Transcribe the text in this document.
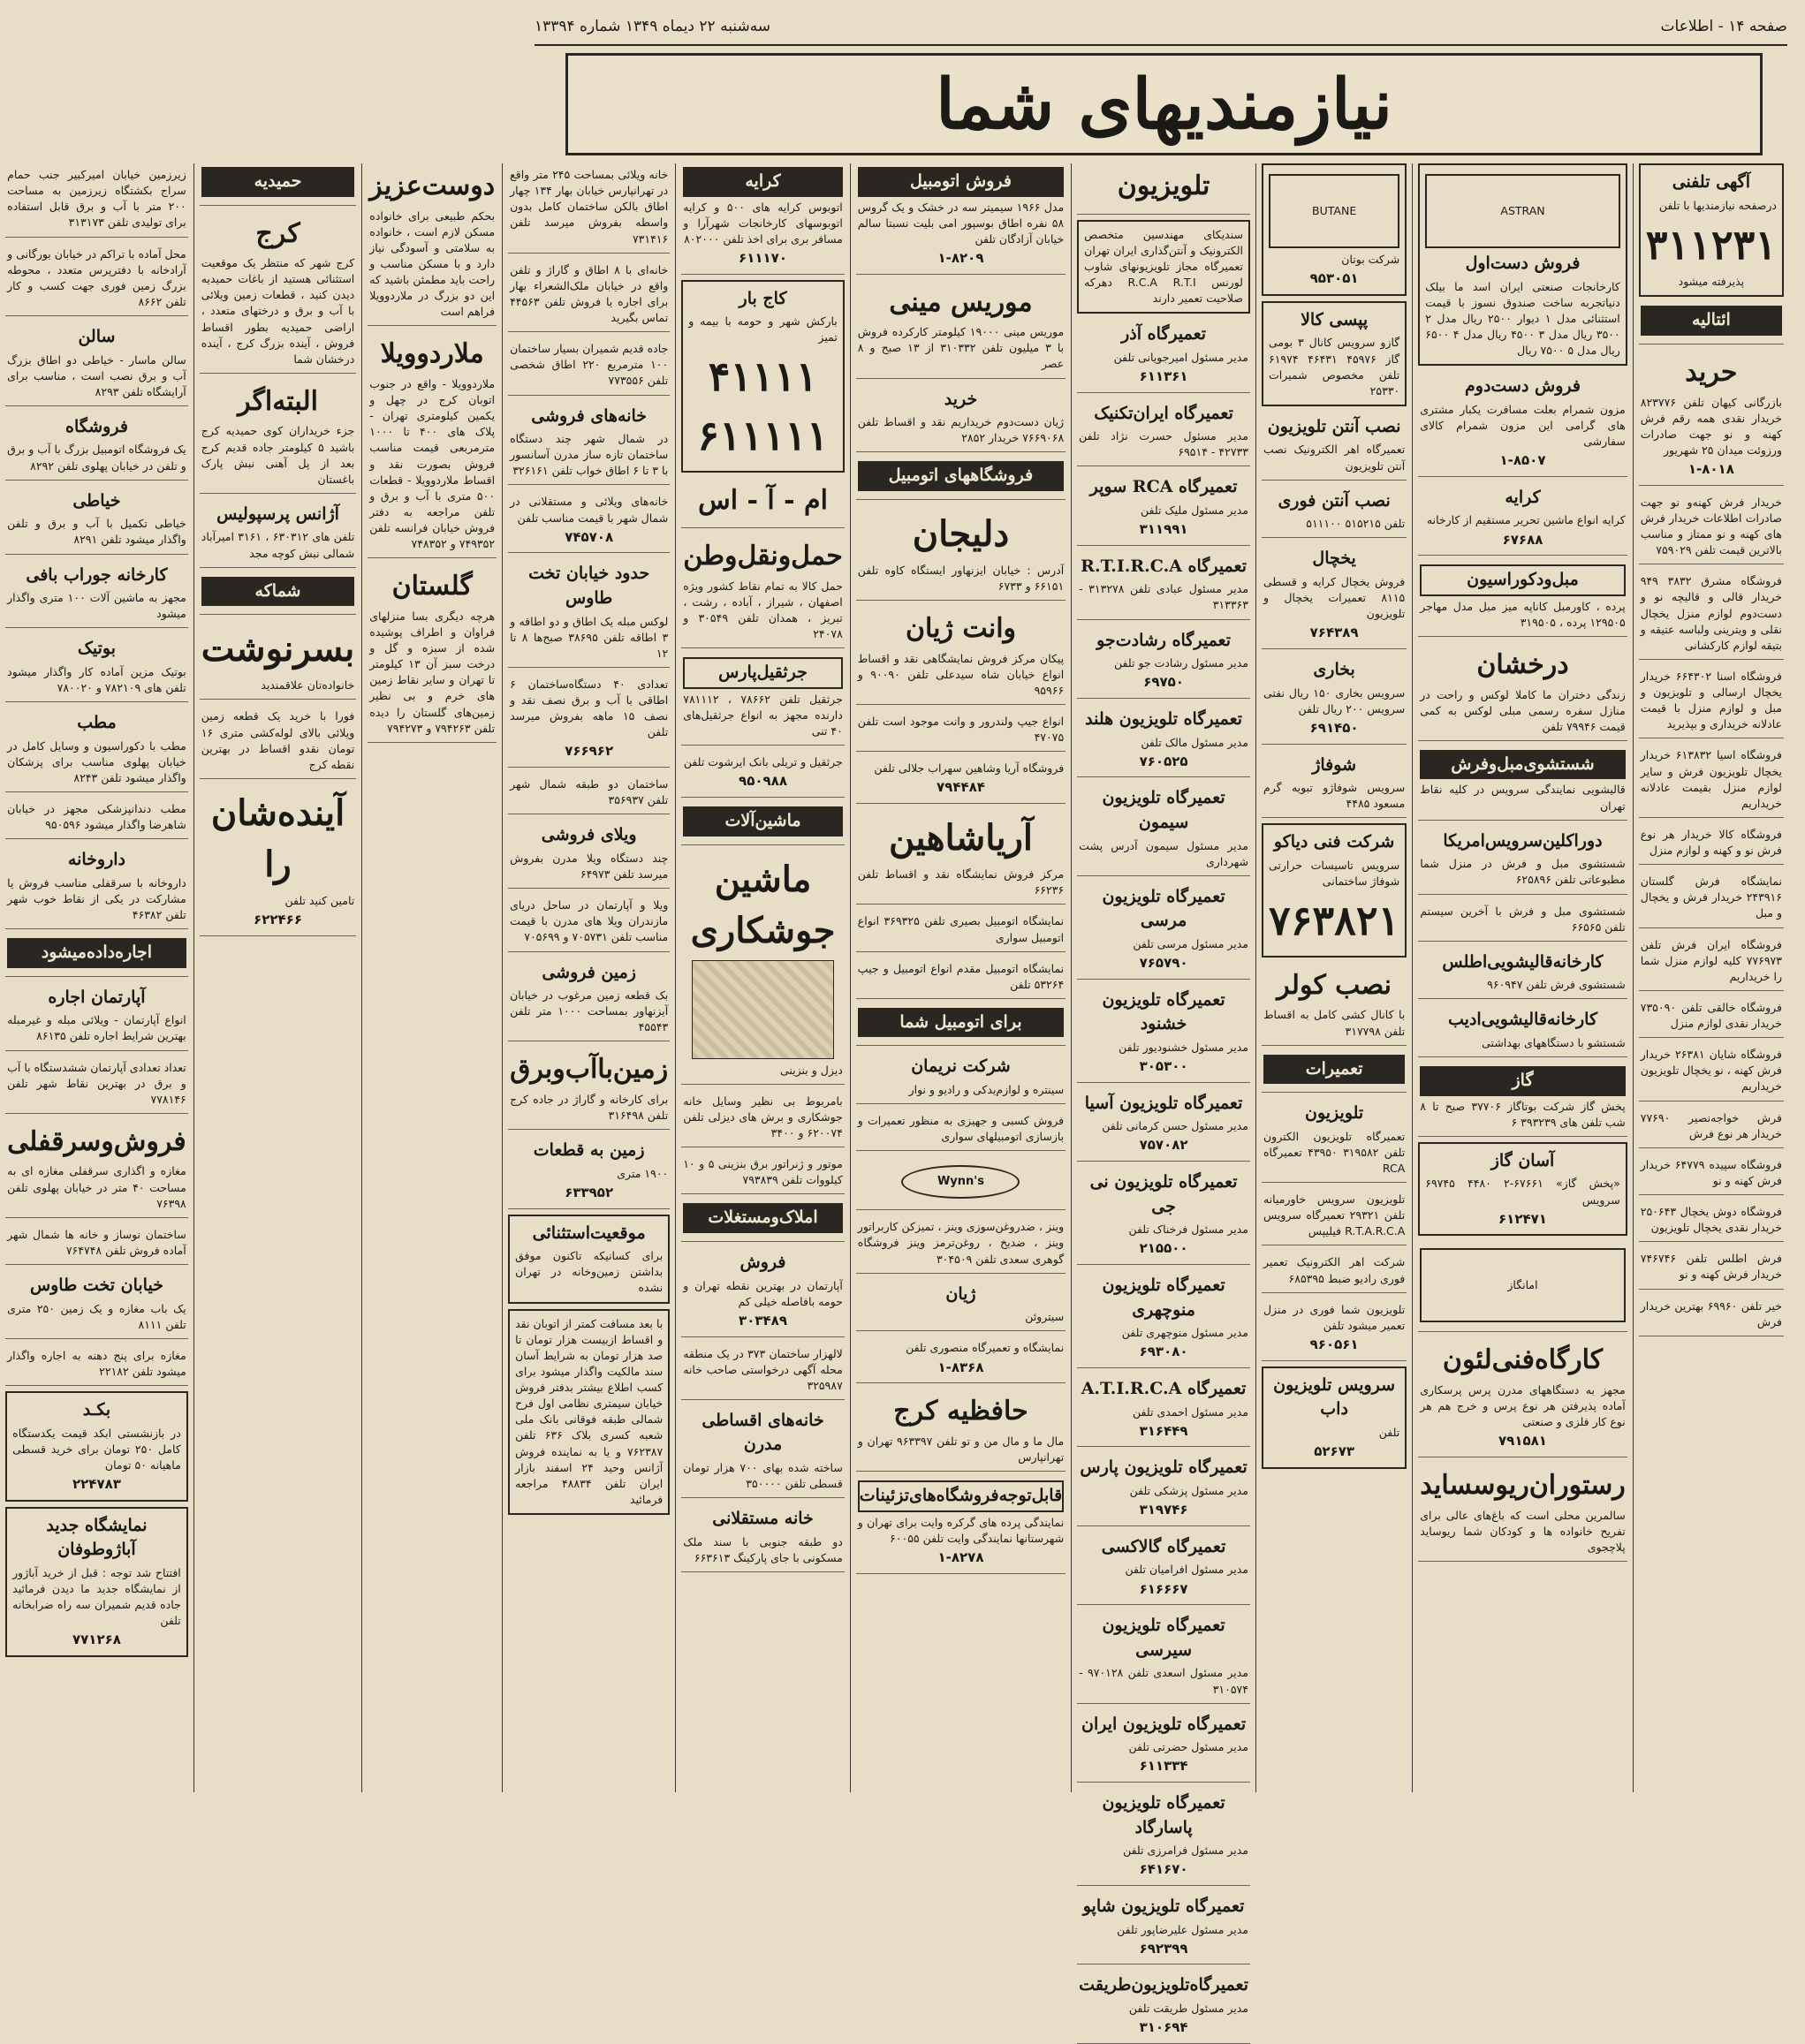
صفحه ۱۴ - اطلاعات
سه‌شنبه ۲۲ دیماه ۱۳۴۹ شماره ۱۳۳۹۴
نیازمندیهای شما
آگهی تلفنی
درصفحه نیازمندیها با تلفن
۳۱۱۲۳۱
پذیرفته میشود
ائتالیه
حرید
بازرگانی کیهان تلفن ۸۲۳۷۷۶ خریدار نقدی همه رقم فرش کهنه و نو جهت صادرات ورزوئت میدان ۲۵ شهریور
۱-۸۰۱۸
خریدار فرش کهنه‌و نو جهت صادرات اطلاعات خریدار فرش های کهنه و نو ممتاز و مناسب بالاترین قیمت تلفن ۷۵۹۰۲۹
فروشگاه مشرق ۳۸۳۲ ۹۴۹ خریدار قالی و قالیچه نو و دست‌دوم لوازم منزل یخچال نقلی و ویترینی ولباسه عتیقه و بتیقه لوازم کارکشانی
فروشگاه اسنا ۶۶۴۳۰۲ خریدار یخچال ارسالی و تلویزیون و مبل و لوازم منزل با قیمت عادلانه خریداری و بپذیرید
فروشگاه اسیا ۶۱۳۸۳۲ خریدار یخچال تلویزیون فرش و سایر لوازم منزل بقیمت عادلانه خریداریم
فروشگاه کالا خریدار هر نوع فرش نو و کهنه و لوازم منزل
نمایشگاه فرش گلستان ۲۴۳۹۱۶ خریدار فرش و یخچال و مبل
فروشگاه ایران فرش تلفن ۷۷۶۹۷۳ کلیه لوازم منزل شما را خریداریم
فروشگاه خالقی تلفن ۷۳۵۰۹۰ خریدار نقدی لوازم منزل
فروشگاه شایان ۲۶۳۸۱ خریدار فرش کهنه ، نو یخچال تلویزیون خریداریم
فرش خواجه‌نصیر ۷۷۶۹۰ خریدار هر نوع فرش
فروشگاه سپیده ۶۴۷۷۹ خریدار فرش کهنه و نو
فروشگاه دوش یخچال ۲۵۰۶۴۳ خریدار نقدی یخچال تلویزیون
فرش اطلس تلفن ۷۴۶۷۴۶ خریدار فرش کهنه و نو
خیر تلفن ۶۹۹۶۰ بهترین خریدار فرش
ASTRAN
فروش دست‌اول
کارخانجات صنعتی ایران اسد ما بیلک دنیاتجربه ساخت صندوق نسوز با قیمت استثنائی مدل ۱ دیوار ۲۵۰۰ ریال مدل ۲ ۳۵۰۰ ریال مدل ۳ ۴۵۰۰ ریال مدل ۴ ۶۵۰۰ ریال مدل ۵ ۷۵۰۰ ریال
فروش دست‌دوم
مزون شمرام بعلت مسافرت یکبار مشتری های گرامی این مزون شمرام کالای سفارشی
۱-۸۵۰۷
کرایه
کرایه انواع ماشین تحریر مستقیم از کارخانه
۶۷۶۸۸
مبل‌ودکوراسیون
پرده ، کاورمبل کاناپه میز مبل مدل مهاجر ۱۲۹۵۰۵ پرده ، ۳۱۹۵۰۵
درخشان
زندگی دختران ما کاملا لوکس و راحت در منازل سفره رسمی مبلی لوکس به کمی قیمت ۷۹۹۴۶ تلفن
شستشوی‌مبل‌وفرش
قالیشویی نمایندگی سرویس در کلیه نقاط تهران
دوراکلین‌سرویس‌امریکا
شستشوی مبل و فرش در منزل شما مطبوعاتی تلفن ۶۲۵۸۹۶
شستشوی مبل و فرش با آخرین سیستم تلفن ۶۶۵۶۵
کارخانه‌قالیشویی‌اطلس
شستشوی فرش تلفن ۹۶۰۹۴۷
کارخانه‌قالیشویی‌ادیب
شستشو با دستگاههای بهداشتی
گاز
پخش گاز شرکت بوتاگاز ۳۷۷۰۶ صبح تا ۸ شب تلفن های ۳۹۳۲۳۹ ۶
آسان گاز
«پخش گاز» ۶۷۶۶۱-۲ ۴۴۸۰ ۶۹۷۴۵ سرویس
۶۱۲۴۷۱
امانگاز
کارگاه‌فنی‌لئون
مجهز به دستگاههای مدرن پرس پرسکاری آماده پذیرفتن هر نوع پرس و خرج هم هر نوع کار فلزی و صنعتی
۷۹۱۵۸۱
رستوران‌ریوسساید
سالمرین محلی است که باغ‌های عالی برای تفریح خانواده ها و کودکان شما ریوساید پلاچجوی
BUTANE
شرکت بوتان
۹۵۳۰۵۱
پپسی کالا
گازو سرویس کانال ۳ بومی گاز ۴۵۹۷۶ ۴۶۴۳۱ ۶۱۹۷۴ تلفن مخصوص شمیرات ۲۵۳۳۰
نصب آنتن تلویزیون
تعمیرگاه اهر الکترونیک نصب آنتن تلویزیون
نصب آنتن فوری
تلفن ۵۱۵۲۱۵ ۵۱۱۱۰۰
یخچال
فروش یخچال کرایه و قسطی ۸۱۱۵ تعمیرات یخچال و تلویزیون
۷۶۴۳۸۹
بخاری
سرویس بخاری ۱۵۰ ریال نفتی سرویس ۲۰۰ ریال تلفن
۶۹۱۴۵۰
شوفاژ
سرویس شوفاژو تبویه گرم مسعود ۴۴۸۵
شرکت فنی دیاکو
سرویس تاسیسات حرارتی شوفاژ ساختمانی
۷۶۳۸۲۱
نصب کولر
با کانال کشی کامل به اقساط تلفن ۳۱۷۷۹۸
تعمیرات
تلویزیون
تعمیرگاه تلویزیون الکترون تلفن ۳۱۹۵۸۲ ۴۳۹۵۰ تعمیرگاه RCA
تلویزیون سرویس خاورمیانه تلفن ۲۹۳۲۱ تعمیرگاه سرویس R.T.A.R.C.A فیلیپس
شرکت اهر الکترونیک تعمیر فوری رادیو ضبط ۶۸۵۳۹۵
تلویزیون شما فوری در منزل تعمیر میشود تلفن
۹۶۰۵۶۱
سرویس تلویزیون داب
تلفن
۵۲۶۷۳
تلویزیون
سندیکای مهندسین متخصص الکترونیک و آنتن‌گذاری ایران تهران تعمیرگاه مجاز تلویزیونهای شاوب لورنس R.C.A R.T.I دهرکه صلاحیت تعمیر دارند
تعمیرگاه آذر
مدیر مسئول امیرجویانی تلفن
۶۱۱۳۶۱
تعمیرگاه ایران‌تکنیک
مدیر مسئول حسرت نژاد تلفن ۴۲۷۳۳ - ۶۹۵۱۴
تعمیرگاه RCA سوپر
مدیر مسئول ملیک تلفن
۳۱۱۹۹۱
تعمیرگاه R.T.I.R.C.A
مدیر مسئول عبادی تلفن ۳۱۳۲۷۸ - ۳۱۳۳۶۳
تعمیرگاه رشادت‌جو
مدیر مسئول رشادت جو تلفن
۶۹۷۵۰
تعمیرگاه تلویزیون هلند
مدیر مسئول مالک تلفن
۷۶۰۵۲۵
تعمیرگاه تلویزیون سیمون
مدیر مسئول سیمون آدرس پشت شهرداری
تعمیرگاه تلویزیون مرسی
مدیر مسئول مرسی تلفن
۷۶۵۷۹۰
تعمیرگاه تلویزیون خشنود
مدیر مسئول خشنودیور تلفن
۳۰۵۳۰۰
تعمیرگاه تلویزیون آسیا
مدیر مسئول حسن کرمانی تلفن
۷۵۷۰۸۲
تعمیرگاه تلویزیون نی جی
مدیر مسئول فرخناک تلفن
۲۱۵۵۰۰
تعمیرگاه تلویزیون منوچهری
مدیر مسئول منوچهری تلفن
۶۹۳۰۸۰
تعمیرگاه A.T.I.R.C.A
مدیر مسئول احمدی تلفن
۳۱۶۴۴۹
تعمیرگاه تلویزیون پارس
مدیر مسئول پزشکی تلفن
۳۱۹۷۴۶
تعمیرگاه گالاکسی
مدیر مسئول افرامیان تلفن
۶۱۶۶۶۷
تعمیرگاه تلویزیون سیرسی
مدیر مسئول اسعدی تلفن ۹۷۰۱۲۸ - ۳۱۰۵۷۴
تعمیرگاه تلویزیون ایران
مدیر مسئول حضرتی تلفن
۶۱۱۳۳۴
تعمیرگاه تلویزیون پاسارگاد
مدیر مسئول فرامرزی تلفن
۶۴۱۶۷۰
تعمیرگاه تلویزیون شاپو
مدیر مسئول علیرضاپور تلفن
۶۹۲۳۹۹
تعمیرگاه‌تلویزیون‌طریقت
مدیر مسئول طریقت تلفن
۳۱۰۶۹۴
فروش اتومبیل
مدل ۱۹۶۶ سیمیتر سه در خشک و یک گروس ۵۸ نفره اطاق بوسپور امی بلیت نسبتا سالم خیابان آزادگان تلفن
۱-۸۲۰۹
موریس مینی
موریس مینی ۱۹۰۰۰ کیلومتر کارکرده فروش با ۳ میلیون تلفن ۳۱۰۳۳۲ از ۱۳ صبح و ۸ عصر
خرید
ژیان دست‌دوم خریداریم نقد و اقساط تلفن ۷۶۶۹۰۶۸ خریدار ۲۸۵۲
فروشگاههای اتومبیل
دلیجان
آدرس : خیابان ایزنهاور ایستگاه کاوه تلفن ۶۶۱۵۱ و ۶۷۳۳
وانت ژیان
پیکان مرکز فروش نمایشگاهی نقد و اقساط انواع خیابان شاه سیدعلی تلفن ۹۰۰۹۰ و ۹۵۹۶۶
انواع جیپ ولندرور و وانت موجود است تلفن ۴۷۰۷۵
فروشگاه آریا وشاهین سهراب جلالی تلفن
۷۹۴۴۸۴
آریاشاهین
مرکز فروش نمایشگاه نقد و اقساط تلفن ۶۶۲۳۶
نمایشگاه اتومبیل بصیری تلفن ۳۶۹۳۲۵ انواع اتومبیل سواری
نمایشگاه اتومبیل مقدم انواع اتومبیل و جیپ ۵۳۲۶۴ تلفن
برای اتومبیل شما
شرکت نریمان
سینتره و لوازم‌یدکی و رادیو و نوار
فروش کسبی و جهیزی به منظور تعمیرات و بازسازی اتومبیلهای سواری
Wynn's
وینز ، ضدروغن‌سوزی وینز ، تمیزکن کاربراتور وینز ، ضدیخ ، روغن‌ترمز وینز فروشگاه گوهری سعدی تلفن ۳۰۴۵۰۹
ژیان
سیتروئن
نمایشگاه و تعمیرگاه منصوری تلفن
۱-۸۳۶۸
حافظیه کرج
مال ما و مال من و تو تلفن ۹۶۳۳۹۷ تهران و تهرانپارس
قابل‌توجه‌فروشگاه‌های‌تزئینات
نمایندگی پرده های گرکره وایت برای تهران و شهرستانها نمایندگی وایت تلفن ۶۰۰۵۵
۱-۸۲۷۸
کرایه
اتوبوس کرایه های ۵۰۰ و کرایه اتوبوسهای کارخانجات شهرآرا و مسافر بری برای اخذ تلفن ۸۰۲۰۰۰
۶۱۱۱۷۰
کاج بار
بارکش شهر و حومه با بیمه و تمیز
۴۱۱۱۱ ۶۱۱۱۱۱
ام - آ - اس
حمل‌ونقل‌وطن
حمل کالا به تمام نقاط کشور ویژه اصفهان ، شیراز ، آباده ، رشت ، تبریز ، همدان تلفن ۳۰۵۴۹ و ۲۴۰۷۸
جرثقیل‌پارس
جرثقیل تلفن ۷۸۶۶۲ ، ۷۸۱۱۱۲ دارنده مجهز به انواع جرثقیل‌های ۴۰ تنی
جرثقیل و تریلی بانک ایرشوت تلفن
۹۵۰۹۸۸
ماشین‌آلات
ماشین جوشکاری
دیزل و بنزینی
بامربوط بی نظیر وسایل خانه جوشکاری و برش های دیزلی تلفن ۶۲۰۰۷۴ و ۳۴۰۰
موتور و ژنراتور برق بنزینی ۵ و ۱۰ کیلووات تلفن ۷۹۳۸۳۹
املاک‌ومستغلات
فروش
آپارتمان در بهترین نقطه تهران و حومه بافاصله خیلی کم
۳۰۳۴۸۹
لالهزار ساختمان ۳۷۳ در یک منطقه محله آگهی درخواستی صاحب خانه ۳۲۵۹۸۷
خانه‌های اقساطی مدرن
ساخته شده بهای ۷۰۰ هزار تومان قسطی تلفن ۳۵۰۰۰۰
خانه مستقلانی
دو طبقه جنوبی با سند ملک مسکونی با جای پارکینگ ۶۶۳۶۱۳
خانه ویلائی بمساحت ۲۴۵ متر واقع در تهرانپارس خیابان بهار ۱۳۴ چهار اطاق بالکن ساختمان کامل بدون واسطه بفروش میرسد تلفن ۷۳۱۴۱۶
خانه‌ای با ۸ اطاق و گاراژ و تلفن واقع در خیابان ملک‌الشعراء بهار برای اجاره یا فروش تلفن ۴۴۵۶۳ تماس بگیرید
جاده قدیم شمیران بسیار ساختمان ۱۰۰ مترمربع ۲۲۰ اطاق شخصی تلفن ۷۷۳۵۵۶
خانه‌های فروشی
در شمال شهر چند دستگاه ساختمان تازه ساز مدرن آسانسور با ۳ تا ۶ اطاق خواب تلفن ۳۲۶۱۶۱
خانه‌های ویلائی و مستقلانی در شمال شهر با قیمت مناسب تلفن
۷۴۵۷۰۸
حدود خیابان تخت طاوس
لوکس مبله یک اطاق و دو اطاقه و ۳ اطاقه تلفن ۳۸۶۹۵ صبح‌ها ۸ تا ۱۲
تعدادی ۴۰ دستگاه‌ساختمان ۶ اطاقی با آب و برق نصف نقد و نصف ۱۵ ماهه بفروش میرسد تلفن
۷۶۶۹۶۲
ساختمان دو طبقه شمال شهر تلفن ۳۵۶۹۳۷
ویلای فروشی
چند دستگاه ویلا مدرن بفروش میرسد تلفن ۶۴۹۷۳
ویلا و آپارتمان در ساحل دریای مازندران ویلا های مدرن با قیمت مناسب تلفن ۷۰۵۷۳۱ و ۷۰۵۶۹۹
زمین فروشی
بک قطعه زمین مرغوب در خیابان آیزنهاور بمساحت ۱۰۰۰ متر تلفن ۴۵۵۴۳
زمین‌باآب‌وبرق
برای کارخانه و گاراژ در جاده کرج تلفن ۳۱۶۴۹۸
زمین به قطعات
۱۹۰۰ متری
۶۳۳۹۵۲
موقعیت‌استثنائی
برای کسانیکه تاکنون موفق بداشتن زمین‌وخانه در تهران نشده
با بعد مسافت کمتر از اتوبان نقد و اقساط ازبیست هزار تومان تا صد هزار تومان به شرایط آسان سند مالکیت واگذار میشود برای کسب اطلاع بیشتر بدفتر فروش خیابان سیمتری نظامی اول فرح شمالی طبقه فوقانی بانک ملی شعبه کسری بلاک ۶۳۶ تلفن ۷۶۲۳۸۷ و یا به نماینده فروش آژانس وحید ۲۴ اسفند بازار ایران تلفن ۴۸۸۳۴ مراجعه فرمائید
دوست‌عزیز
بحکم طبیعی برای خانواده مسکن لازم است ، خانواده به سلامتی و آسودگی نیاز دارد و با مسکن مناسب و راحت باید مطمئن باشید که این دو بزرگ در ملاردوویلا فراهم است
ملاردوویلا
ملاردوویلا - واقع در جنوب اتوبان کرج در چهل و یکمین کیلومتری تهران - پلاک های ۴۰۰ تا ۱۰۰۰ مترمربعی قیمت مناسب فروش بصورت نقد و اقساط ملاردوویلا - قطعات ۵۰۰ متری با آب و برق و تلفن مراجعه به دفتر فروش خیابان فرانسه تلفن ۷۴۹۳۵۲ و ۷۴۸۳۵۲
گلستان
هرچه دیگری بسا منزلهای فراوان و اطراف پوشیده شده از سبزه و گل و درخت سبز آن ۱۳ کیلومتر تا تهران و سایر نقاط زمین های خرم و بی نظیر زمین‌های گلستان را دیده تلفن ۷۹۴۲۶۳ و ۷۹۴۲۷۳
حمیدیه
کرج
کرج شهر که منتظر یک موقعیت استثنائی هستید از باغات حمیدیه دیدن کنید ، قطعات زمین ویلائی با آب و برق و درختهای متعدد ، اراضی حمیدیه بطور اقساط فروش ، آینده بزرگ کرج ، آینده درخشان شما
البته‌اگر
جزء خریداران کوی حمیدیه کرج باشید ۵ کیلومتر جاده قدیم کرج بعد از پل آهنی نبش پارک باغستان
آژانس پرسپولیس
تلفن های ۶۳۰۳۱۲ ، ۳۱۶۱ امیرآباد شمالی نبش کوچه مجد
شماکه
بسرنوشت
خانواده‌تان علاقمندید
فورا با خرید یک قطعه زمین ویلائی بالای لوله‌کشی متری ۱۶ تومان نقدو اقساط در بهترین نقطه کرج
آینده‌شان را
تامین کنید تلفن
۶۲۲۴۶۶
زیرزمین خیابان امیرکبیر جنب حمام سراج بکشتگاه زیرزمین به مساحت ۲۰۰ متر با آب و برق قابل استفاده برای تولیدی تلفن ۳۱۳۱۷۳
محل آماده با تراکم در خیابان بورگانی و آرادخانه با دفترپرس متعدد ، محوطه بزرگ زمین فوری جهت کسب و کار تلفن ۸۶۶۲
سالن
سالن ماسار - خیاطی دو اطاق بزرگ آب و برق نصب است ، مناسب برای آرایشگاه تلفن ۸۲۹۳
فروشگاه
یک فروشگاه اتومبیل بزرگ با آب و برق و تلفن در خیابان پهلوی تلفن ۸۲۹۲
خیاطی
خیاطی تکمیل با آب و برق و تلفن واگذار میشود تلفن ۸۲۹۱
کارخانه جوراب بافی
مجهز به ماشین آلات ۱۰۰ متری واگذار میشود
بوتیک
بوتیک مزین آماده کار واگذار میشود تلفن های ۷۸۲۱۰۹ و ۷۸۰۰۲۰
مطب
مطب با دکوراسیون و وسایل کامل در خیابان پهلوی مناسب برای پزشکان واگذار میشود تلفن ۸۲۴۳
مطب دندانپزشکی مجهز در خیابان شاهرضا واگذار میشود ۹۵۰۵۹۶
داروخانه
داروخانه با سرقفلی مناسب فروش یا مشارکت در یکی از نقاط خوب شهر تلفن ۴۶۳۸۲
اجاره‌داده‌میشود
آپارتمان اجاره
انواع آپارتمان - ویلائی مبله و غیرمبله بهترین شرایط اجاره تلفن ۸۶۱۳۵
تعداد تعدادی آپارتمان ششدستگاه با آب و برق در بهترین نقاط شهر تلفن ۷۷۸۱۴۶
فروش‌وسرقفلی
مغازه و اگذاری سرقفلی مغازه ای به مساحت ۴۰ متر در خیابان پهلوی تلفن ۷۶۳۹۸
ساختمان نوساز و خانه ها شمال شهر آماده فروش تلفن ۷۶۴۷۴۸
خیابان تخت طاوس
یک باب مغازه و یک زمین ۲۵۰ متری تلفن ۸۱۱۱
مغازه برای پنج دهنه به اجاره واگذار میشود تلفن ۲۲۱۸۲
بکـد
در بازنشستی ابکد قیمت یکدستگاه کامل ۲۵۰ تومان برای خرید قسطی ماهیانه ۵۰ تومان
۲۲۴۷۸۳
نمایشگاه جدید آباژوطوفان
افتتاح شد توجه : قبل از خرید آباژور از نمایشگاه جدید ما دیدن فرمائید جاده قدیم شمیران سه راه ضرابخانه تلفن
۷۷۱۲۶۸
